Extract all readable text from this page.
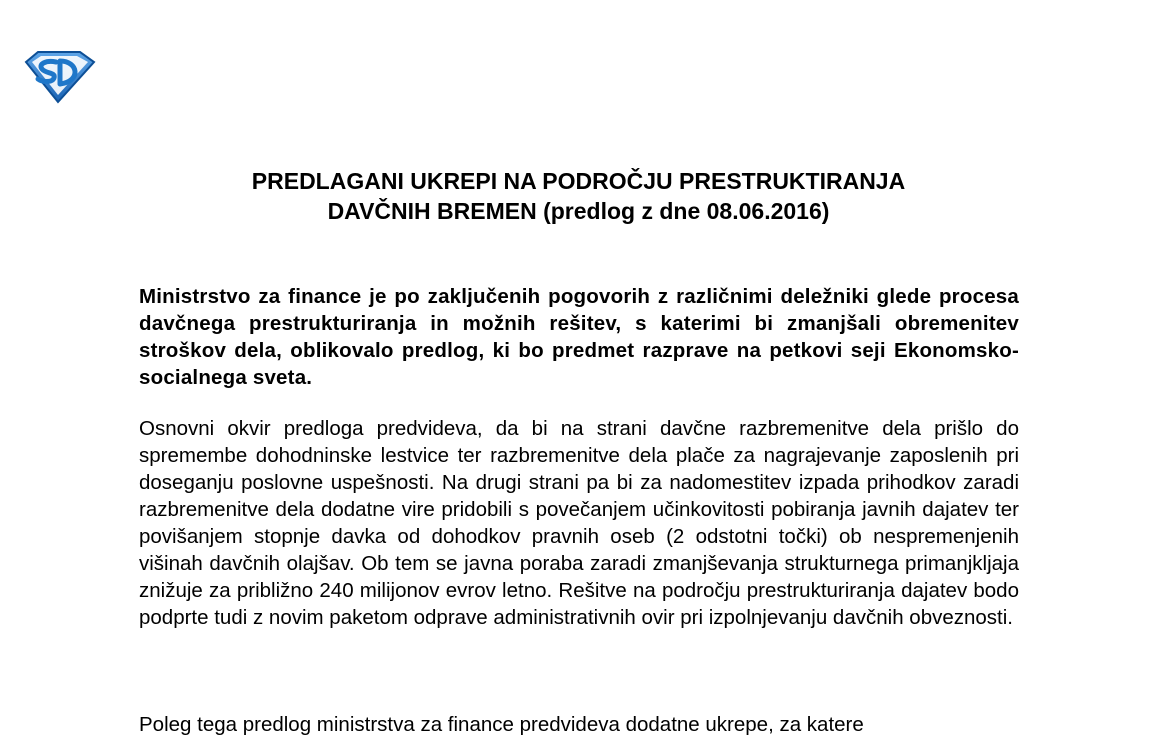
PREDLAGANI UKREPI NA PODROČJU PRESTRUKTIRANJA
DAVČNIH BREMEN (predlog z dne 08.06.2016)

Ministrstvo za finance je po zaključenih pogovorih z različnimi deležniki glede procesa davčnega prestrukturiranja in možnih rešitev, s katerimi bi zmanjšali obremenitev stroškov dela, oblikovalo predlog, ki bo predmet razprave na petkovi seji Ekonomsko-socialnega sveta.

Osnovni okvir predloga predvideva, da bi na strani davčne razbremenitve dela prišlo do spremembe dohodninske lestvice ter razbremenitve dela plače za nagrajevanje zaposlenih pri doseganju poslovne uspešnosti. Na drugi strani pa bi za nadomestitev izpada prihodkov zaradi razbremenitve dela dodatne vire pridobili s povečanjem učinkovitosti pobiranja javnih dajatev ter povišanjem stopnje davka od dohodkov pravnih oseb (2 odstotni točki) ob nespremenjenih višinah davčnih olajšav. Ob tem se javna poraba zaradi zmanjševanja strukturnega primanjkljaja znižuje za približno 240 milijonov evrov letno. Rešitve na področju prestrukturiranja dajatev bodo podprte tudi z novim paketom odprave administrativnih ovir pri izpolnjevanju davčnih obveznosti.

Poleg tega predlog ministrstva za finance predvideva dodatne ukrepe, za katere
